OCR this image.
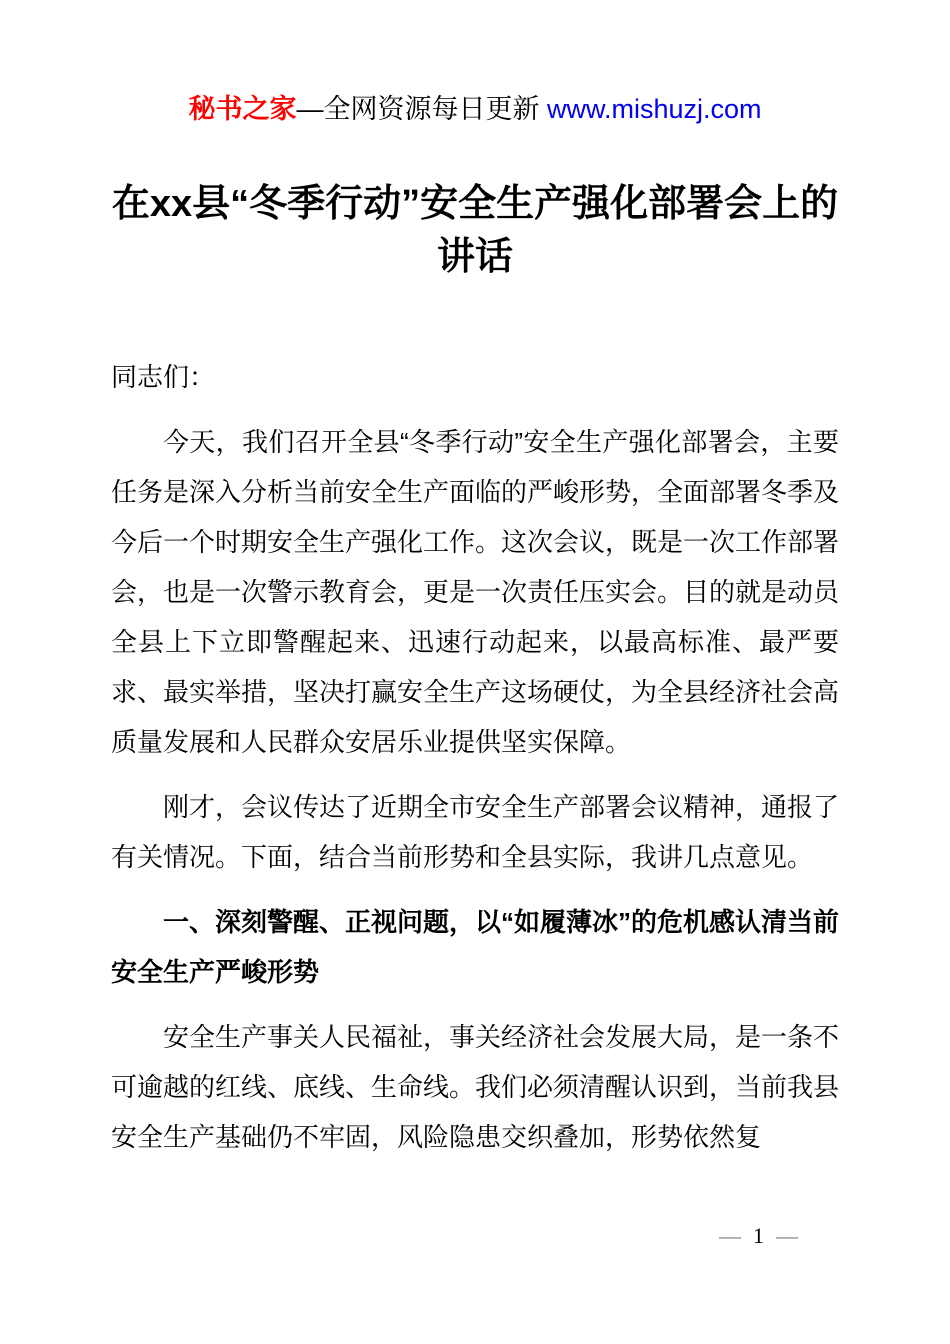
秘书之家—全网资源每日更新 www.mishuzj.com
在xx县“冬季行动”安全生产强化部署会上的讲话

同志们：

今天，我们召开全县“冬季行动”安全生产强化部署会，主要任务是深入分析当前安全生产面临的严峻形势，全面部署冬季及今后一个时期安全生产强化工作。这次会议，既是一次工作部署会，也是一次警示教育会，更是一次责任压实会。目的就是动员全县上下立即警醒起来、迅速行动起来，以最高标准、最严要求、最实举措，坚决打赢安全生产这场硬仗，为全县经济社会高质量发展和人民群众安居乐业提供坚实保障。

刚才，会议传达了近期全市安全生产部署会议精神，通报了有关情况。下面，结合当前形势和全县实际，我讲几点意见。

一、深刻警醒、正视问题，以“如履薄冰”的危机感认清当前安全生产严峻形势

安全生产事关人民福祉，事关经济社会发展大局，是一条不可逾越的红线、底线、生命线。我们必须清醒认识到，当前我县安全生产基础仍不牢固，风险隐患交织叠加，形势依然复

— 1 —
